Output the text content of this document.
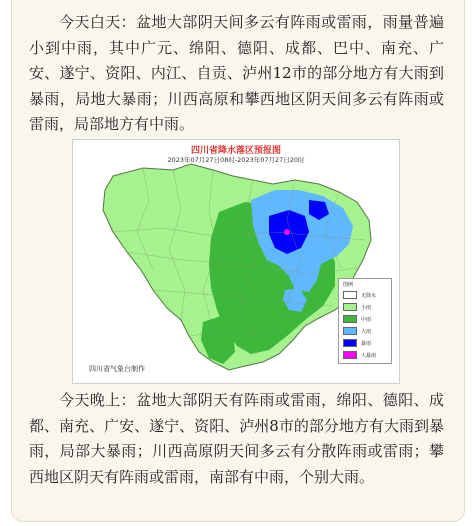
今天白天：盆地大部阴天间多云有阵雨或雷雨，雨量普遍小到中雨，其中广元、绵阳、德阳、成都、巴中、南充、广安、遂宁、资阳、内江、自贡、泸州12市的部分地方有大雨到暴雨，局地大暴雨；川西高原和攀西地区阴天间多云有阵雨或雷雨，局部地方有中雨。

四川省降水落区预报图
2023年07月27日08时-2023年07月27日20时
图例
无降水
小雨
中雨
大雨
暴雨
大暴雨
四川省气象台制作

今天晚上：盆地大部阴天有阵雨或雷雨，绵阳、德阳、成都、南充、广安、遂宁、资阳、泸州8市的部分地方有大雨到暴雨，局部大暴雨；川西高原阴天间多云有分散阵雨或雷雨；攀西地区阴天有阵雨或雷雨，南部有中雨，个别大雨。
